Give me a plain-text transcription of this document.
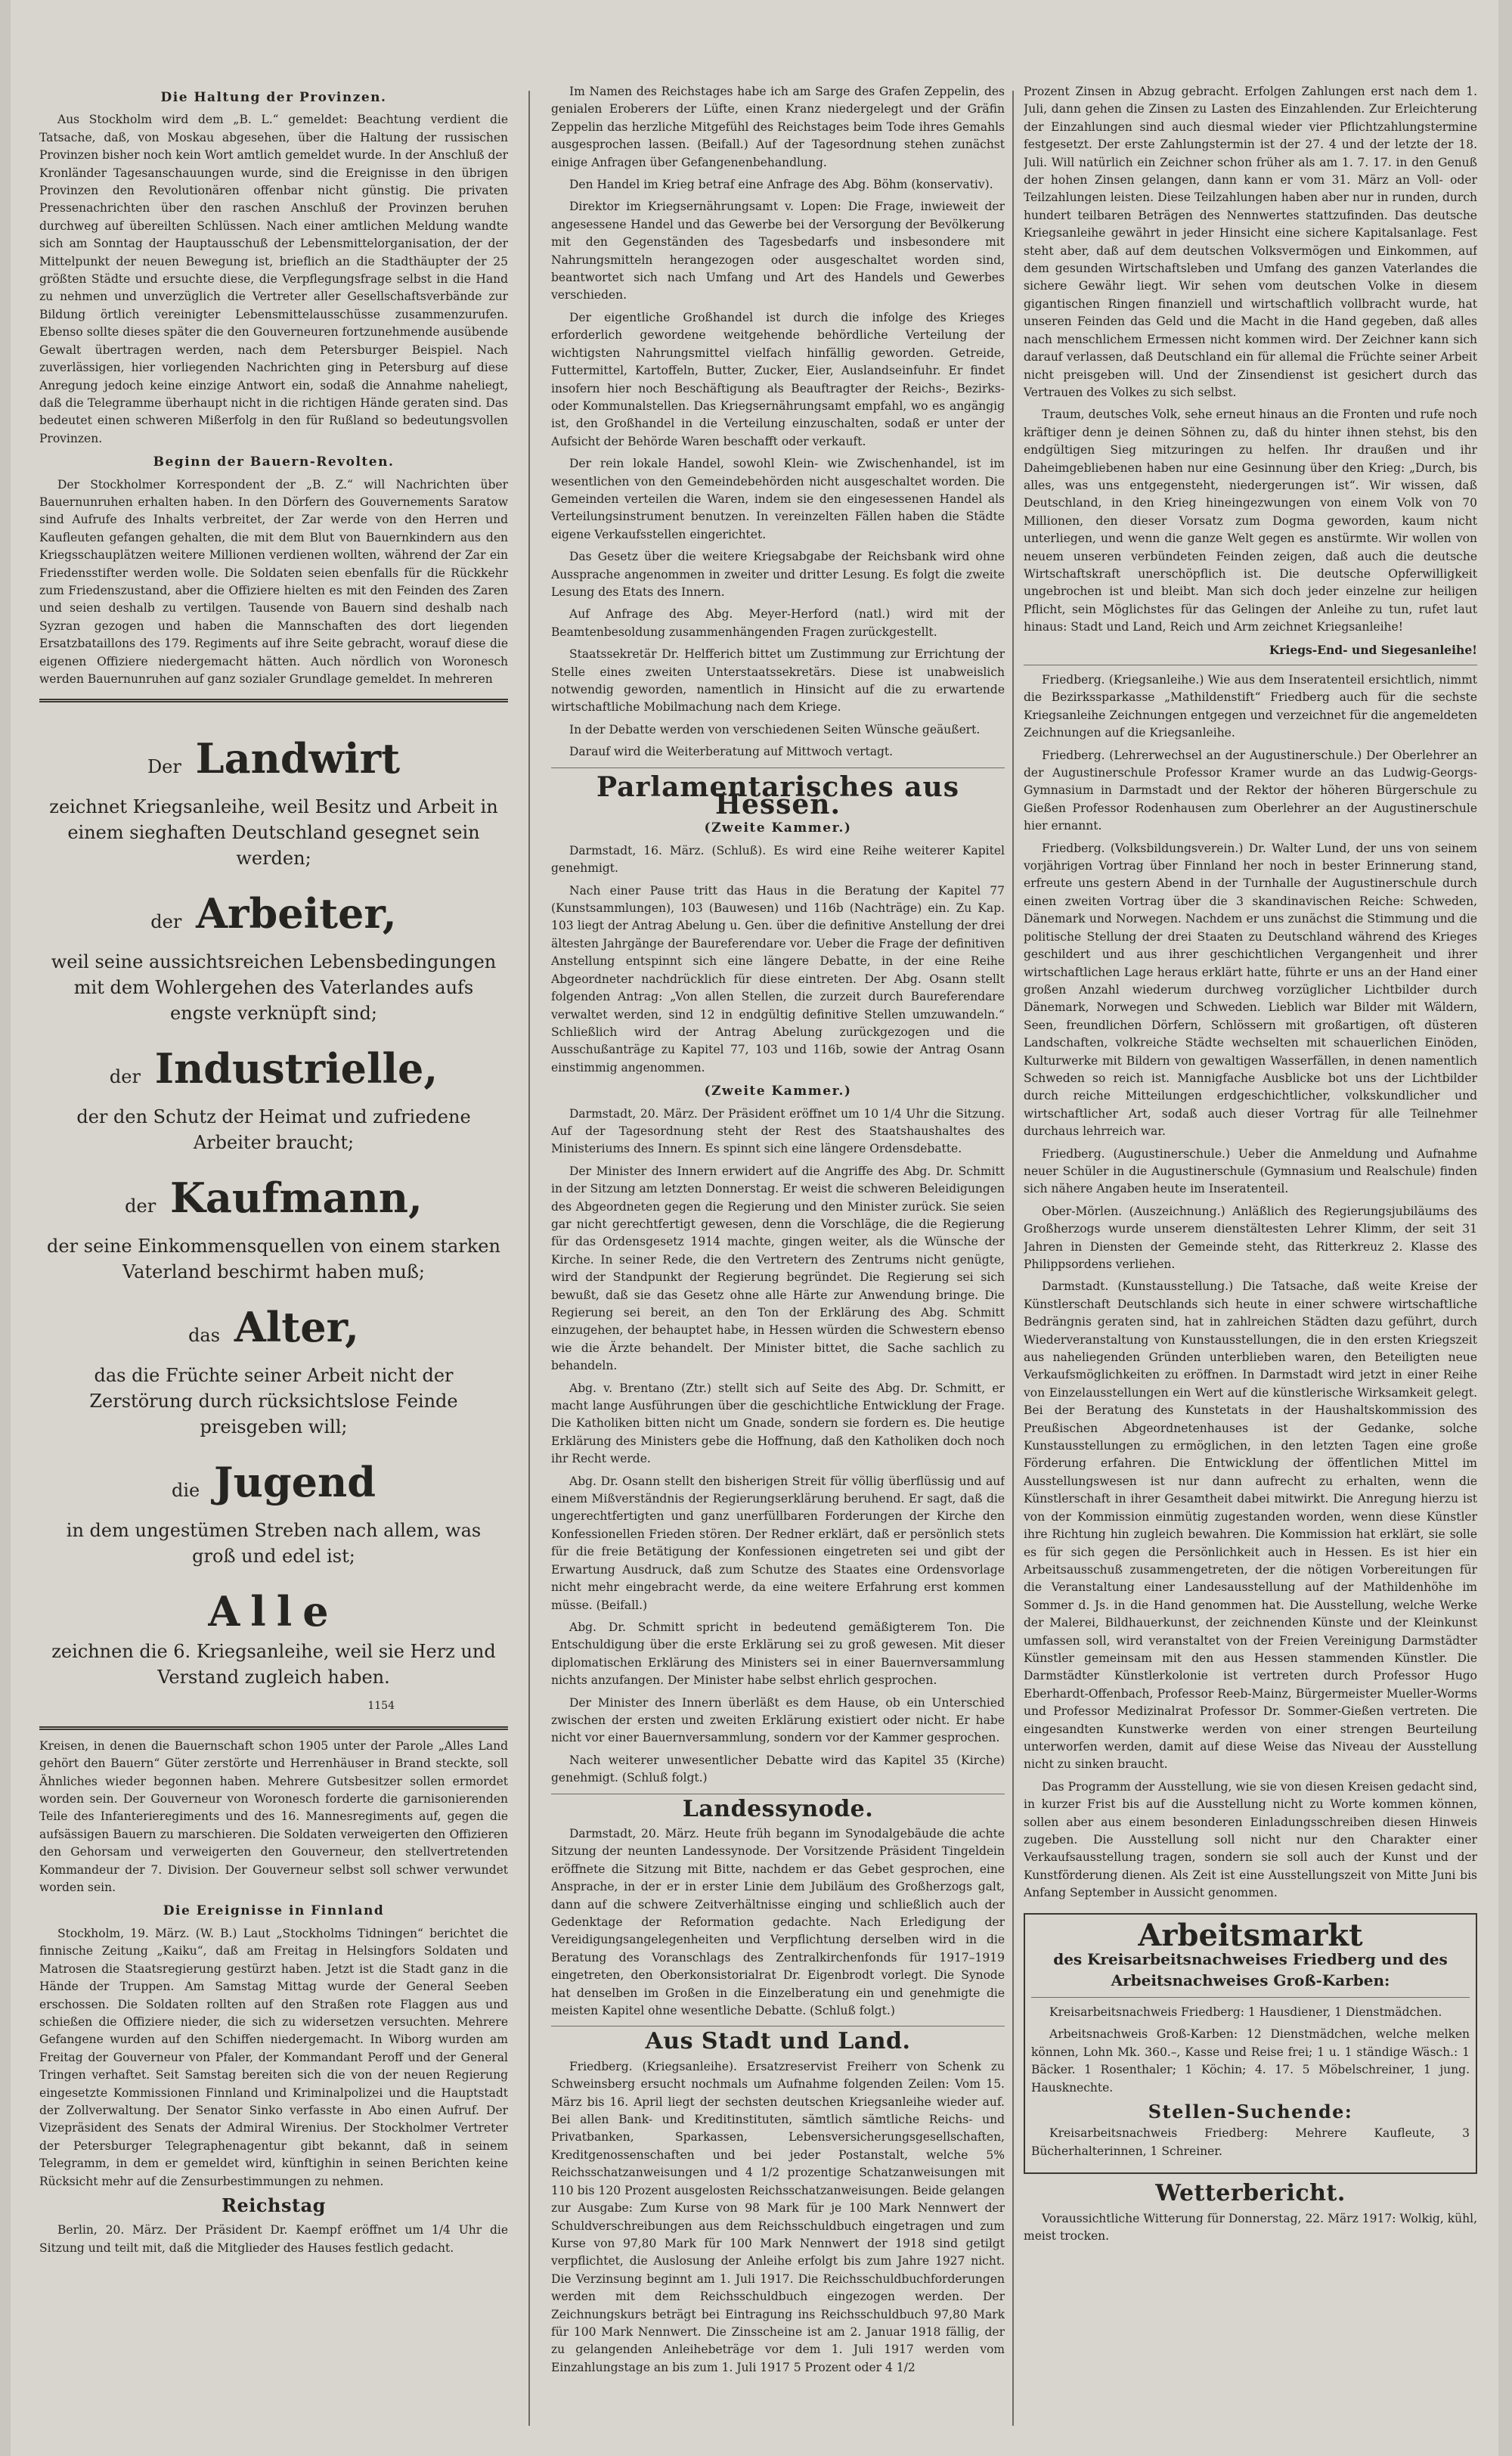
Die Haltung der Provinzen.

Aus Stockholm wird dem „B. L.“ gemeldet: Beachtung verdient die Tatsache, daß, von Moskau abgesehen, über die Haltung der russischen Provinzen bisher noch kein Wort amtlich gemeldet wurde. In der Anschluß der Kronländer Tagesanschauungen wurde, sind die Ereignisse in den übrigen Provinzen den Revolutionären offenbar nicht günstig. Die privaten Pressenachrichten über den raschen Anschluß der Provinzen beruhen durchweg auf übereilten Schlüssen. Nach einer amtlichen Meldung wandte sich am Sonntag der Hauptausschuß der Lebensmittelorganisation, der der Mittelpunkt der neuen Bewegung ist, brieflich an die Stadthäupter der 25 größten Städte und ersuchte diese, die Verpflegungsfrage selbst in die Hand zu nehmen und unverzüglich die Vertreter aller Gesellschaftsverbände zur Bildung örtlich vereinigter Lebensmittelausschüsse zusammenzurufen. Ebenso sollte dieses später die den Gouverneuren fortzunehmende ausübende Gewalt übertragen werden, nach dem Petersburger Beispiel. Nach zuverlässigen, hier vorliegenden Nachrichten ging in Petersburg auf diese Anregung jedoch keine einzige Antwort ein, sodaß die Annahme naheliegt, daß die Telegramme überhaupt nicht in die richtigen Hände geraten sind. Das bedeutet einen schweren Mißerfolg in den für Rußland so bedeutungsvollen Provinzen.

Beginn der Bauern-Revolten.

Der Stockholmer Korrespondent der „B. Z.“ will Nachrichten über Bauernunruhen erhalten haben. In den Dörfern des Gouvernements Saratow sind Aufrufe des Inhalts verbreitet, der Zar werde von den Herren und Kaufleuten gefangen gehalten, die mit dem Blut von Bauernkindern aus den Kriegsschauplätzen weitere Millionen verdienen wollten, während der Zar ein Friedensstifter werden wolle. Die Soldaten seien ebenfalls für die Rückkehr zum Friedenszustand, aber die Offiziere hielten es mit den Feinden des Zaren und seien deshalb zu vertilgen. Tausende von Bauern sind deshalb nach Syzran gezogen und haben die Mannschaften des dort liegenden Ersatzbataillons des 179. Regiments auf ihre Seite gebracht, worauf diese die eigenen Offiziere niedergemacht hätten. Auch nördlich von Woronesch werden Bauernunruhen auf ganz sozialer Grundlage gemeldet. In mehreren

Der Landwirt
zeichnet Kriegsanleihe, weil Besitz und Arbeit in einem sieghaften Deutschland gesegnet sein werden;
der Arbeiter,
weil seine aussichtsreichen Lebensbedingungen mit dem Wohlergehen des Vaterlandes aufs engste verknüpft sind;
der Industrielle,
der den Schutz der Heimat und zufriedene Arbeiter braucht;
der Kaufmann,
der seine Einkommensquellen von einem starken Vaterland beschirmt haben muß;
das Alter,
das die Früchte seiner Arbeit nicht der Zerstörung durch rücksichtslose Feinde preisgeben will;
die Jugend
in dem ungestümen Streben nach allem, was groß und edel ist;
Alle
zeichnen die 6. Kriegsanleihe, weil sie Herz und Verstand zugleich haben.
1154

Kreisen, in denen die Bauernschaft schon 1905 unter der Parole „Alles Land gehört den Bauern“ Güter zerstörte und Herrenhäuser in Brand steckte, soll Ähnliches wieder begonnen haben. Mehrere Gutsbesitzer sollen ermordet worden sein. Der Gouverneur von Woronesch forderte die garnisonierenden Teile des Infanterieregiments und des 16. Mannesregiments auf, gegen die aufsässigen Bauern zu marschieren. Die Soldaten verweigerten den Offizieren den Gehorsam und verweigerten den Gouverneur, den stellvertretenden Kommandeur der 7. Division. Der Gouverneur selbst soll schwer verwundet worden sein.

Die Ereignisse in Finnland

Stockholm, 19. März. (W. B.) Laut „Stockholms Tidningen“ berichtet die finnische Zeitung „Kaiku“, daß am Freitag in Helsingfors Soldaten und Matrosen die Staatsregierung gestürzt haben. Jetzt ist die Stadt ganz in die Hände der Truppen. Am Samstag Mittag wurde der General Seeben erschossen. Die Soldaten rollten auf den Straßen rote Flaggen aus und schießen die Offiziere nieder, die sich zu widersetzen versuchten. Mehrere Gefangene wurden auf den Schiffen niedergemacht. In Wiborg wurden am Freitag der Gouverneur von Pfaler, der Kommandant Peroff und der General Tringen verhaftet. Seit Samstag bereiten sich die von der neuen Regierung eingesetzte Kommissionen Finnland und Kriminalpolizei und die Hauptstadt der Zollverwaltung. Der Senator Sinko verfasste in Abo einen Aufruf. Der Vizepräsident des Senats der Admiral Wirenius. Der Stockholmer Vertreter der Petersburger Telegraphenagentur gibt bekannt, daß in seinem Telegramm, in dem er gemeldet wird, künftighin in seinen Berichten keine Rücksicht mehr auf die Zensurbestimmungen zu nehmen.

Reichstag

Berlin, 20. März. Der Präsident Dr. Kaempf eröffnet um 1/4 Uhr die Sitzung und teilt mit, daß die Mitglieder des Hauses festlich gedacht.

Im Namen des Reichstages habe ich am Sarge des Grafen Zeppelin, des genialen Eroberers der Lüfte, einen Kranz niedergelegt und der Gräfin Zeppelin das herzliche Mitgefühl des Reichstages beim Tode ihres Gemahls ausgesprochen lassen. (Beifall.) Auf der Tagesordnung stehen zunächst einige Anfragen über Gefangenenbehandlung.

Den Handel im Krieg betraf eine Anfrage des Abg. Böhm (konservativ).

Direktor im Kriegsernährungsamt v. Lopen: Die Frage, inwieweit der angesessene Handel und das Gewerbe bei der Versorgung der Bevölkerung mit den Gegenständen des Tagesbedarfs und insbesondere mit Nahrungsmitteln herangezogen oder ausgeschaltet worden sind, beantwortet sich nach Umfang und Art des Handels und Gewerbes verschieden.

Der eigentliche Großhandel ist durch die infolge des Krieges erforderlich gewordene weitgehende behördliche Verteilung der wichtigsten Nahrungsmittel vielfach hinfällig geworden. Getreide, Futtermittel, Kartoffeln, Butter, Zucker, Eier, Auslandseinfuhr. Er findet insofern hier noch Beschäftigung als Beauftragter der Reichs-, Bezirks- oder Kommunalstellen. Das Kriegsernährungsamt empfahl, wo es angängig ist, den Großhandel in die Verteilung einzuschalten, sodaß er unter der Aufsicht der Behörde Waren beschafft oder verkauft.

Der rein lokale Handel, sowohl Klein- wie Zwischenhandel, ist im wesentlichen von den Gemeindebehörden nicht ausgeschaltet worden. Die Gemeinden verteilen die Waren, indem sie den eingesessenen Handel als Verteilungsinstrument benutzen. In vereinzelten Fällen haben die Städte eigene Verkaufsstellen eingerichtet.

Das Gesetz über die weitere Kriegsabgabe der Reichsbank wird ohne Aussprache angenommen in zweiter und dritter Lesung. Es folgt die zweite Lesung des Etats des Innern.

Auf Anfrage des Abg. Meyer-Herford (natl.) wird mit der Beamtenbesoldung zusammenhängenden Fragen zurückgestellt.

Staatssekretär Dr. Helfferich bittet um Zustimmung zur Errichtung der Stelle eines zweiten Unterstaatssekretärs. Diese ist unabweislich notwendig geworden, namentlich in Hinsicht auf die zu erwartende wirtschaftliche Mobilmachung nach dem Kriege.

In der Debatte werden von verschiedenen Seiten Wünsche geäußert.

Darauf wird die Weiterberatung auf Mittwoch vertagt.

Parlamentarisches aus Hessen.
(Zweite Kammer.)

Darmstadt, 16. März. (Schluß). Es wird eine Reihe weiterer Kapitel genehmigt.

Nach einer Pause tritt das Haus in die Beratung der Kapitel 77 (Kunstsammlungen), 103 (Bauwesen) und 116b (Nachträge) ein. Zu Kap. 103 liegt der Antrag Abelung u. Gen. über die definitive Anstellung der drei ältesten Jahrgänge der Baureferendare vor. Ueber die Frage der definitiven Anstellung entspinnt sich eine längere Debatte, in der eine Reihe Abgeordneter nachdrücklich für diese eintreten. Der Abg. Osann stellt folgenden Antrag: „Von allen Stellen, die zurzeit durch Baureferendare verwaltet werden, sind 12 in endgültig definitive Stellen umzuwandeln.“ Schließlich wird der Antrag Abelung zurückgezogen und die Ausschußanträge zu Kapitel 77, 103 und 116b, sowie der Antrag Osann einstimmig angenommen.

(Zweite Kammer.)

Darmstadt, 20. März. Der Präsident eröffnet um 10 1/4 Uhr die Sitzung. Auf der Tagesordnung steht der Rest des Staatshaushaltes des Ministeriums des Innern. Es spinnt sich eine längere Ordensdebatte.

Der Minister des Innern erwidert auf die Angriffe des Abg. Dr. Schmitt in der Sitzung am letzten Donnerstag. Er weist die schweren Beleidigungen des Abgeordneten gegen die Regierung und den Minister zurück. Sie seien gar nicht gerechtfertigt gewesen, denn die Vorschläge, die die Regierung für das Ordensgesetz 1914 machte, gingen weiter, als die Wünsche der Kirche. In seiner Rede, die den Vertretern des Zentrums nicht genügte, wird der Standpunkt der Regierung begründet. Die Regierung sei sich bewußt, daß sie das Gesetz ohne alle Härte zur Anwendung bringe. Die Regierung sei bereit, an den Ton der Erklärung des Abg. Schmitt einzugehen, der behauptet habe, in Hessen würden die Schwestern ebenso wie die Ärzte behandelt. Der Minister bittet, die Sache sachlich zu behandeln.

Abg. v. Brentano (Ztr.) stellt sich auf Seite des Abg. Dr. Schmitt, er macht lange Ausführungen über die geschichtliche Entwicklung der Frage. Die Katholiken bitten nicht um Gnade, sondern sie fordern es. Die heutige Erklärung des Ministers gebe die Hoffnung, daß den Katholiken doch noch ihr Recht werde.

Abg. Dr. Osann stellt den bisherigen Streit für völlig überflüssig und auf einem Mißverständnis der Regierungserklärung beruhend. Er sagt, daß die ungerechtfertigten und ganz unerfüllbaren Forderungen der Kirche den Konfessionellen Frieden stören. Der Redner erklärt, daß er persönlich stets für die freie Betätigung der Konfessionen eingetreten sei und gibt der Erwartung Ausdruck, daß zum Schutze des Staates eine Ordensvorlage nicht mehr eingebracht werde, da eine weitere Erfahrung erst kommen müsse. (Beifall.)

Abg. Dr. Schmitt spricht in bedeutend gemäßigterem Ton. Die Entschuldigung über die erste Erklärung sei zu groß gewesen. Mit dieser diplomatischen Erklärung des Ministers sei in einer Bauernversammlung nichts anzufangen. Der Minister habe selbst ehrlich gesprochen.

Der Minister des Innern überläßt es dem Hause, ob ein Unterschied zwischen der ersten und zweiten Erklärung existiert oder nicht. Er habe nicht vor einer Bauernversammlung, sondern vor der Kammer gesprochen.

Nach weiterer unwesentlicher Debatte wird das Kapitel 35 (Kirche) genehmigt. (Schluß folgt.)

Landessynode.

Darmstadt, 20. März. Heute früh begann im Synodalgebäude die achte Sitzung der neunten Landessynode. Der Vorsitzende Präsident Tingeldein eröffnete die Sitzung mit Bitte, nachdem er das Gebet gesprochen, eine Ansprache, in der er in erster Linie dem Jubiläum des Großherzogs galt, dann auf die schwere Zeitverhältnisse einging und schließlich auch der Gedenktage der Reformation gedachte. Nach Erledigung der Vereidigungsangelegenheiten und Verpflichtung derselben wird in die Beratung des Voranschlags des Zentralkirchenfonds für 1917–1919 eingetreten, den Oberkonsistorialrat Dr. Eigenbrodt vorlegt. Die Synode hat denselben im Großen in die Einzelberatung ein und genehmigte die meisten Kapitel ohne wesentliche Debatte. (Schluß folgt.)

Aus Stadt und Land.

Friedberg. (Kriegsanleihe). Ersatzreservist Freiherr von Schenk zu Schweinsberg ersucht nochmals um Aufnahme folgenden Zeilen: Vom 15. März bis 16. April liegt der sechsten deutschen Kriegsanleihe wieder auf. Bei allen Bank- und Kreditinstituten, sämtlich sämtliche Reichs- und Privatbanken, Sparkassen, Lebensversicherungsgesellschaften, Kreditgenossenschaften und bei jeder Postanstalt, welche 5% Reichsschatzanweisungen und 4 1/2 prozentige Schatzanweisungen mit 110 bis 120 Prozent ausgelosten Reichsschatzanweisungen. Beide gelangen zur Ausgabe: Zum Kurse von 98 Mark für je 100 Mark Nennwert der Schuldverschreibungen aus dem Reichsschuldbuch eingetragen und zum Kurse von 97,80 Mark für 100 Mark Nennwert der 1918 sind getilgt verpflichtet, die Auslosung der Anleihe erfolgt bis zum Jahre 1927 nicht. Die Verzinsung beginnt am 1. Juli 1917. Die Reichsschuldbuchforderungen werden mit dem Reichsschuldbuch eingezogen werden. Der Zeichnungskurs beträgt bei Eintragung ins Reichsschuldbuch 97,80 Mark für 100 Mark Nennwert. Die Zinsscheine ist am 2. Januar 1918 fällig, der zu gelangenden Anleihebeträge vor dem 1. Juli 1917 werden vom Einzahlungstage an bis zum 1. Juli 1917 5 Prozent oder 4 1/2

Prozent Zinsen in Abzug gebracht. Erfolgen Zahlungen erst nach dem 1. Juli, dann gehen die Zinsen zu Lasten des Einzahlenden. Zur Erleichterung der Einzahlungen sind auch diesmal wieder vier Pflichtzahlungstermine festgesetzt. Der erste Zahlungstermin ist der 27. 4 und der letzte der 18. Juli. Will natürlich ein Zeichner schon früher als am 1. 7. 17. in den Genuß der hohen Zinsen gelangen, dann kann er vom 31. März an Voll- oder Teilzahlungen leisten. Diese Teilzahlungen haben aber nur in runden, durch hundert teilbaren Beträgen des Nennwertes stattzufinden. Das deutsche Kriegsanleihe gewährt in jeder Hinsicht eine sichere Kapitalsanlage. Fest steht aber, daß auf dem deutschen Volksvermögen und Einkommen, auf dem gesunden Wirtschaftsleben und Umfang des ganzen Vaterlandes die sichere Gewähr liegt. Wir sehen vom deutschen Volke in diesem gigantischen Ringen finanziell und wirtschaftlich vollbracht wurde, hat unseren Feinden das Geld und die Macht in die Hand gegeben, daß alles nach menschlichem Ermessen nicht kommen wird. Der Zeichner kann sich darauf verlassen, daß Deutschland ein für allemal die Früchte seiner Arbeit nicht preisgeben will. Und der Zinsendienst ist gesichert durch das Vertrauen des Volkes zu sich selbst.

Traum, deutsches Volk, sehe erneut hinaus an die Fronten und rufe noch kräftiger denn je deinen Söhnen zu, daß du hinter ihnen stehst, bis den endgültigen Sieg mitzuringen zu helfen. Ihr draußen und ihr Daheimgebliebenen haben nur eine Gesinnung über den Krieg: „Durch, bis alles, was uns entgegensteht, niedergerungen ist“. Wir wissen, daß Deutschland, in den Krieg hineingezwungen von einem Volk von 70 Millionen, den dieser Vorsatz zum Dogma geworden, kaum nicht unterliegen, und wenn die ganze Welt gegen es anstürmte. Wir wollen von neuem unseren verbündeten Feinden zeigen, daß auch die deutsche Wirtschaftskraft unerschöpflich ist. Die deutsche Opferwilligkeit ungebrochen ist und bleibt. Man sich doch jeder einzelne zur heiligen Pflicht, sein Möglichstes für das Gelingen der Anleihe zu tun, rufet laut hinaus: Stadt und Land, Reich und Arm zeichnet Kriegsanleihe!

Kriegs-End- und Siegesanleihe!

Friedberg. (Kriegsanleihe.) Wie aus dem Inseratenteil ersichtlich, nimmt die Bezirkssparkasse „Mathildenstift“ Friedberg auch für die sechste Kriegsanleihe Zeichnungen entgegen und verzeichnet für die angemeldeten Zeichnungen auf die Kriegsanleihe.

Friedberg. (Lehrerwechsel an der Augustinerschule.) Der Oberlehrer an der Augustinerschule Professor Kramer wurde an das Ludwig-Georgs-Gymnasium in Darmstadt und der Rektor der höheren Bürgerschule zu Gießen Professor Rodenhausen zum Oberlehrer an der Augustinerschule hier ernannt.

Friedberg. (Volksbildungsverein.) Dr. Walter Lund, der uns von seinem vorjährigen Vortrag über Finnland her noch in bester Erinnerung stand, erfreute uns gestern Abend in der Turnhalle der Augustinerschule durch einen zweiten Vortrag über die 3 skandinavischen Reiche: Schweden, Dänemark und Norwegen. Nachdem er uns zunächst die Stimmung und die politische Stellung der drei Staaten zu Deutschland während des Krieges geschildert und aus ihrer geschichtlichen Vergangenheit und ihrer wirtschaftlichen Lage heraus erklärt hatte, führte er uns an der Hand einer großen Anzahl wiederum durchweg vorzüglicher Lichtbilder durch Dänemark, Norwegen und Schweden. Lieblich war Bilder mit Wäldern, Seen, freundlichen Dörfern, Schlössern mit großartigen, oft düsteren Landschaften, volkreiche Städte wechselten mit schauerlichen Einöden, Kulturwerke mit Bildern von gewaltigen Wasserfällen, in denen namentlich Schweden so reich ist. Mannigfache Ausblicke bot uns der Lichtbilder durch reiche Mitteilungen erdgeschichtlicher, volkskundlicher und wirtschaftlicher Art, sodaß auch dieser Vortrag für alle Teilnehmer durchaus lehrreich war.

Friedberg. (Augustinerschule.) Ueber die Anmeldung und Aufnahme neuer Schüler in die Augustinerschule (Gymnasium und Realschule) finden sich nähere Angaben heute im Inseratenteil.

Ober-Mörlen. (Auszeichnung.) Anläßlich des Regierungsjubiläums des Großherzogs wurde unserem dienstältesten Lehrer Klimm, der seit 31 Jahren in Diensten der Gemeinde steht, das Ritterkreuz 2. Klasse des Philippsordens verliehen.

Darmstadt. (Kunstausstellung.) Die Tatsache, daß weite Kreise der Künstlerschaft Deutschlands sich heute in einer schwere wirtschaftliche Bedrängnis geraten sind, hat in zahlreichen Städten dazu geführt, durch Wiederveranstaltung von Kunstausstellungen, die in den ersten Kriegszeit aus naheliegenden Gründen unterblieben waren, den Beteiligten neue Verkaufsmöglichkeiten zu eröffnen. In Darmstadt wird jetzt in einer Reihe von Einzelausstellungen ein Wert auf die künstlerische Wirksamkeit gelegt. Bei der Beratung des Kunstetats in der Haushaltskommission des Preußischen Abgeordnetenhauses ist der Gedanke, solche Kunstausstellungen zu ermöglichen, in den letzten Tagen eine große Förderung erfahren. Die Entwicklung der öffentlichen Mittel im Ausstellungswesen ist nur dann aufrecht zu erhalten, wenn die Künstlerschaft in ihrer Gesamtheit dabei mitwirkt. Die Anregung hierzu ist von der Kommission einmütig zugestanden worden, wenn diese Künstler ihre Richtung hin zugleich bewahren. Die Kommission hat erklärt, sie solle es für sich gegen die Persönlichkeit auch in Hessen. Es ist hier ein Arbeitsausschuß zusammengetreten, der die nötigen Vorbereitungen für die Veranstaltung einer Landesausstellung auf der Mathildenhöhe im Sommer d. Js. in die Hand genommen hat. Die Ausstellung, welche Werke der Malerei, Bildhauerkunst, der zeichnenden Künste und der Kleinkunst umfassen soll, wird veranstaltet von der Freien Vereinigung Darmstädter Künstler gemeinsam mit den aus Hessen stammenden Künstler. Die Darmstädter Künstlerkolonie ist vertreten durch Professor Hugo Eberhardt-Offenbach, Professor Reeb-Mainz, Bürgermeister Mueller-Worms und Professor Medizinalrat Professor Dr. Sommer-Gießen vertreten. Die eingesandten Kunstwerke werden von einer strengen Beurteilung unterworfen werden, damit auf diese Weise das Niveau der Ausstellung nicht zu sinken braucht.

Das Programm der Ausstellung, wie sie von diesen Kreisen gedacht sind, in kurzer Frist bis auf die Ausstellung nicht zu Worte kommen können, sollen aber aus einem besonderen Einladungsschreiben diesen Hinweis zugeben. Die Ausstellung soll nicht nur den Charakter einer Verkaufsausstellung tragen, sondern sie soll auch der Kunst und der Kunstförderung dienen. Als Zeit ist eine Ausstellungszeit von Mitte Juni bis Anfang September in Aussicht genommen.

Arbeitsmarkt
des Kreisarbeitsnachweises Friedberg und des Arbeitsnachweises Groß-Karben:

Kreisarbeitsnachweis Friedberg: 1 Hausdiener, 1 Dienstmädchen.

Arbeitsnachweis Groß-Karben: 12 Dienstmädchen, welche melken können, Lohn Mk. 360.–, Kasse und Reise frei; 1 u. 1 ständige Wäsch.: 1 Bäcker. 1 Rosenthaler; 1 Köchin; 4. 17. 5 Möbelschreiner, 1 jung. Hausknechte.

Stellen-Suchende:

Kreisarbeitsnachweis Friedberg: Mehrere Kaufleute, 3 Bücherhalterinnen, 1 Schreiner.

Wetterbericht.

Voraussichtliche Witterung für Donnerstag, 22. März 1917: Wolkig, kühl, meist trocken.
